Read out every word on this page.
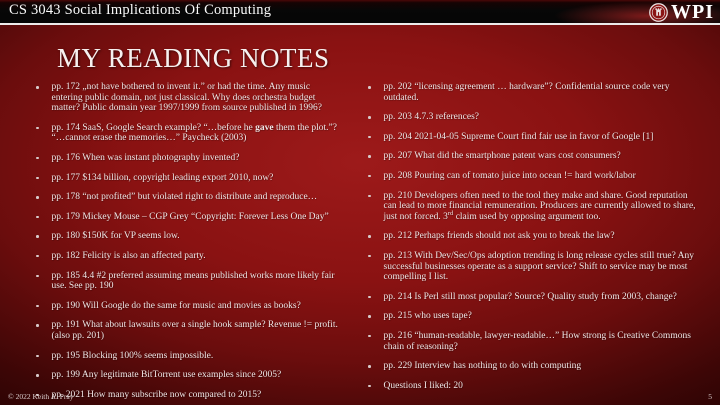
CS 3043 Social Implications Of Computing	WPI
MY READING NOTES
pp. 172 „not have bothered to invent it.” or had the time. Any music entering public domain, not just classical. Why does orchestra budget matter? Public domain year 1997/1999 from source published in 1996?
pp. 174 SaaS, Google Search example? “…before he gave them the plot.”? “…cannot erase the memories…” Paycheck (2003)
pp. 176 When was instant photography invented?
pp. 177 $134 billion, copyright leading export 2010, now?
pp. 178 “not profited” but violated right to distribute and reproduce…
pp. 179 Mickey Mouse – CGP Grey “Copyright: Forever Less One Day”
pp. 180 $150K for VP seems low.
pp. 182 Felicity is also an affected party.
pp. 185 4.4 #2 preferred assuming means published works more likely fair use. See pp. 190
pp. 190 Will Google do the same for music and movies as books?
pp. 191 What about lawsuits over a single hook sample? Revenue != profit. (also pp. 201)
pp. 195 Blocking 100% seems impossible.
pp. 199 Any legitimate BitTorrent use examples since 2005?
pp. 2021 How many subscribe now compared to 2015?
pp. 202 “licensing agreement … hardware”? Confidential source code very outdated.
pp. 203 4.7.3 references?
pp. 204 2021-04-05 Supreme Court find fair use in favor of Google [1]
pp. 207 What did the smartphone patent wars cost consumers?
pp. 208 Pouring can of tomato juice into ocean != hard work/labor
pp. 210 Developers often need to the tool they make and share. Good reputation can lead to more financial remuneration. Producers are currently allowed to share, just not forced. 3rd claim used by opposing argument too.
pp. 212 Perhaps friends should not ask you to break the law?
pp. 213 With Dev/Sec/Ops adoption trending is long release cycles still true? Any successful businesses operate as a support service? Shift to service may be most compelling I list.
pp. 214 Is Perl still most popular? Source? Quality study from 2003, change?
pp. 215 who uses tape?
pp. 216 “human-readable, lawyer-readable…” How strong is Creative Commons chain of reasoning?
pp. 229 Interview has nothing to do with computing
Questions I liked: 20
© 2022 Keith A. Pray	5
